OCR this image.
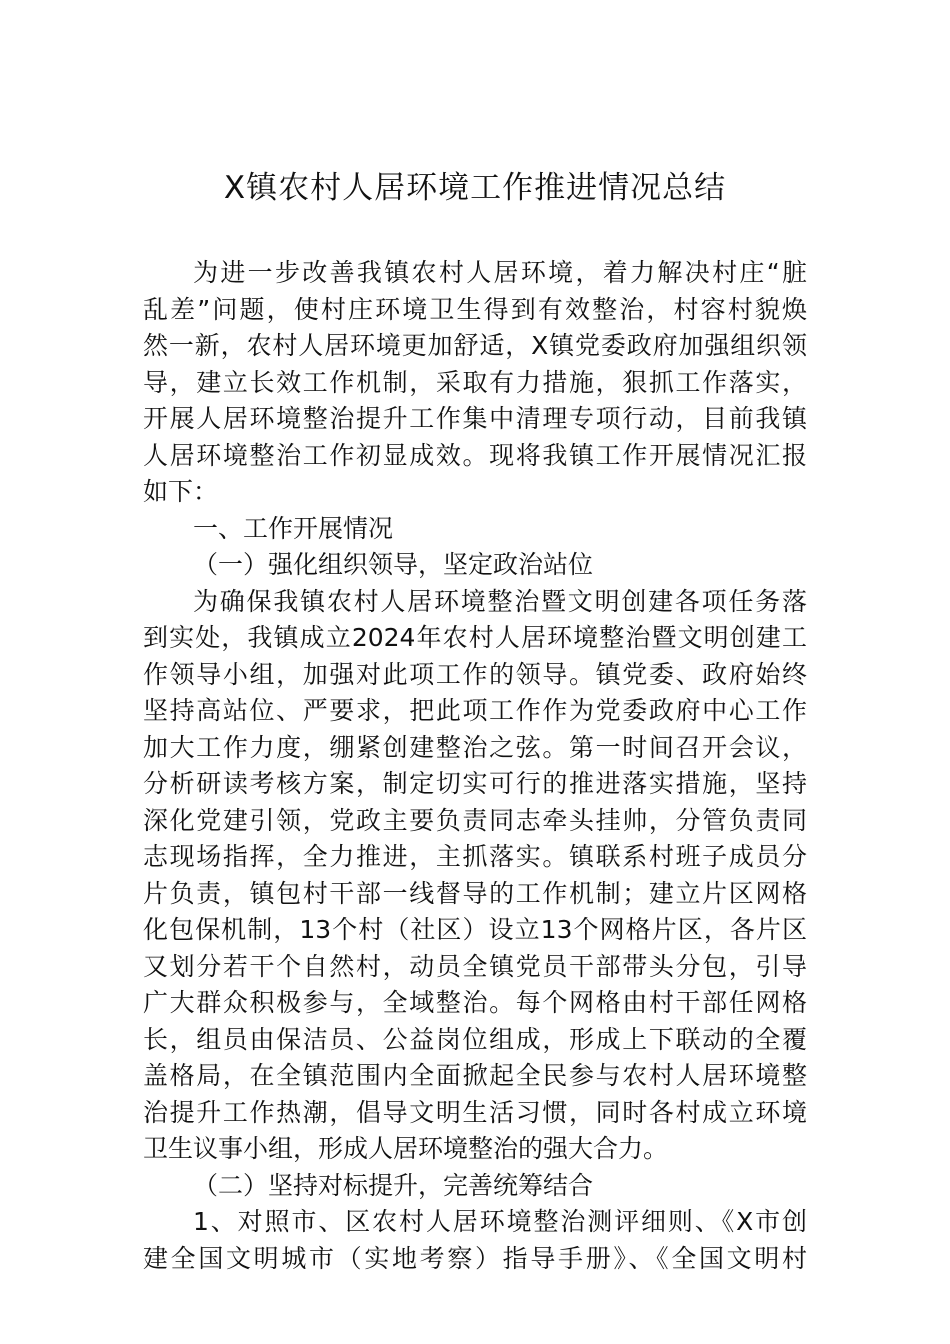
X镇农村人居环境工作推进情况总结
为进一步改善我镇农村人居环境，着力解决村庄“脏
乱差”问题，使村庄环境卫生得到有效整治，村容村貌焕
然一新，农村人居环境更加舒适，X镇党委政府加强组织领
导，建立长效工作机制，采取有力措施，狠抓工作落实，
开展人居环境整治提升工作集中清理专项行动，目前我镇
人居环境整治工作初显成效。现将我镇工作开展情况汇报
如下：
一、工作开展情况
（一）强化组织领导，坚定政治站位
为确保我镇农村人居环境整治暨文明创建各项任务落
到实处，我镇成立2024年农村人居环境整治暨文明创建工
作领导小组，加强对此项工作的领导。镇党委、政府始终
坚持高站位、严要求，把此项工作作为党委政府中心工作
加大工作力度，绷紧创建整治之弦。第一时间召开会议，
分析研读考核方案，制定切实可行的推进落实措施，坚持
深化党建引领，党政主要负责同志牵头挂帅，分管负责同
志现场指挥，全力推进，主抓落实。镇联系村班子成员分
片负责，镇包村干部一线督导的工作机制；建立片区网格
化包保机制，13个村（社区）设立13个网格片区，各片区
又划分若干个自然村，动员全镇党员干部带头分包，引导
广大群众积极参与，全域整治。每个网格由村干部任网格
长，组员由保洁员、公益岗位组成，形成上下联动的全覆
盖格局，在全镇范围内全面掀起全民参与农村人居环境整
治提升工作热潮，倡导文明生活习惯，同时各村成立环境
卫生议事小组，形成人居环境整治的强大合力。
（二）坚持对标提升，完善统筹结合
1、对照市、区农村人居环境整治测评细则、《X市创
建全国文明城市（实地考察）指导手册》、《全国文明村
